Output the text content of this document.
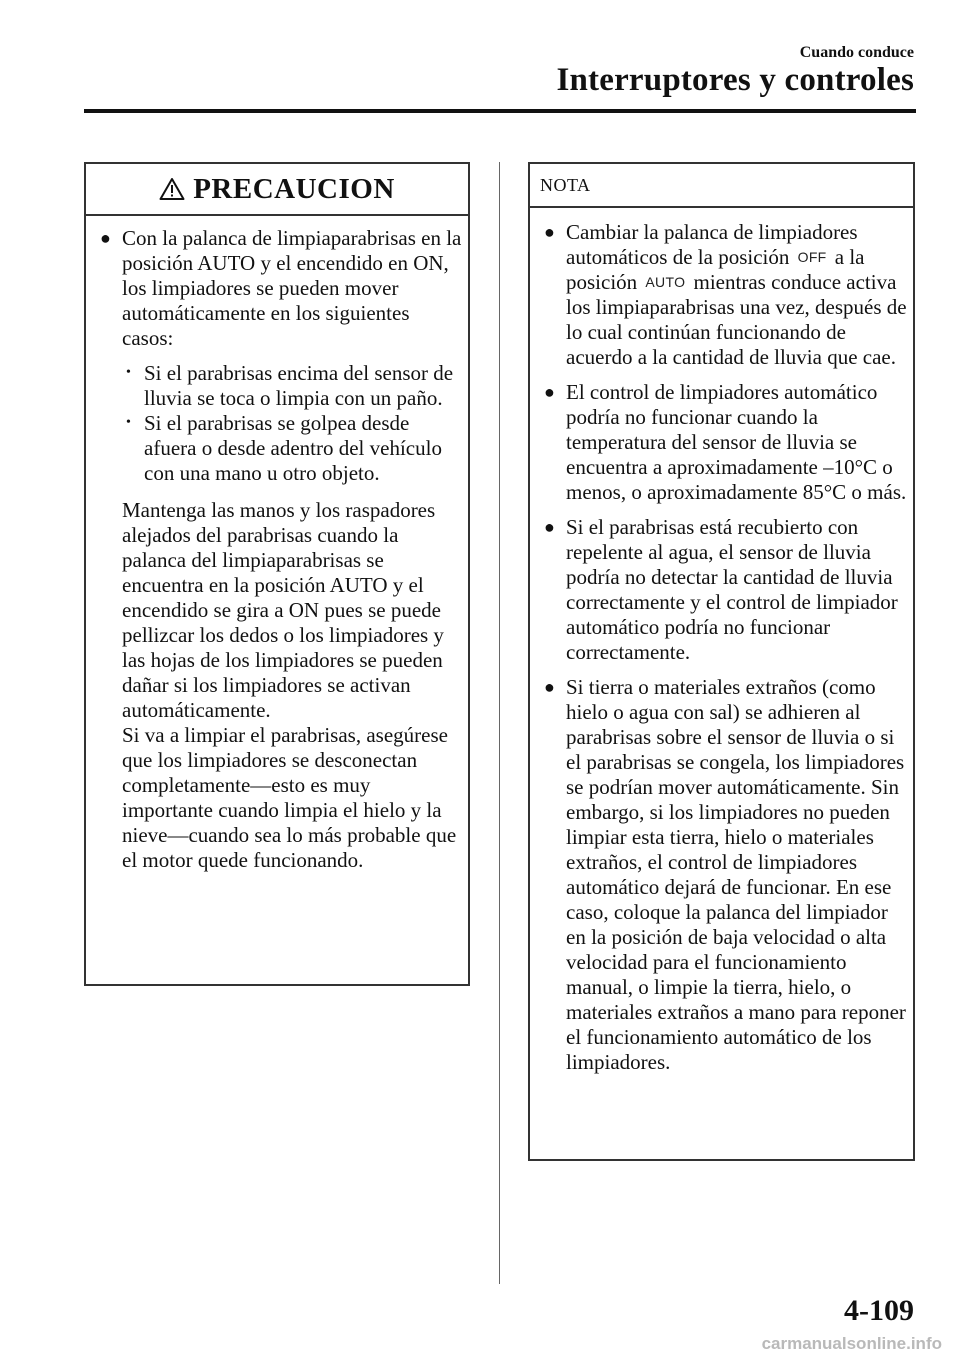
Cuando conduce
Interruptores y controles
PRECAUCION
● Con la palanca de limpiaparabrisas en la posición AUTO y el encendido en ON, los limpiadores se pueden mover automáticamente en los siguientes casos:
• Si el parabrisas encima del sensor de lluvia se toca o limpia con un paño.
• Si el parabrisas se golpea desde afuera o desde adentro del vehículo con una mano u otro objeto.
Mantenga las manos y los raspadores alejados del parabrisas cuando la palanca del limpiaparabrisas se encuentra en la posición AUTO y el encendido se gira a ON pues se puede pellizcar los dedos o los limpiadores y las hojas de los limpiadores se pueden dañar si los limpiadores se activan automáticamente.
Si va a limpiar el parabrisas, asegúrese que los limpiadores se desconectan completamente―esto es muy importante cuando limpia el hielo y la nieve―cuando sea lo más probable que el motor quede funcionando.
NOTA
● Cambiar la palanca de limpiadores automáticos de la posición OFF a la posición AUTO mientras conduce activa los limpiaparabrisas una vez, después de lo cual continúan funcionando de acuerdo a la cantidad de lluvia que cae.
● El control de limpiadores automático podría no funcionar cuando la temperatura del sensor de lluvia se encuentra a aproximadamente –10°C o menos, o aproximadamente 85°C o más.
● Si el parabrisas está recubierto con repelente al agua, el sensor de lluvia podría no detectar la cantidad de lluvia correctamente y el control de limpiador automático podría no funcionar correctamente.
● Si tierra o materiales extraños (como hielo o agua con sal) se adhieren al parabrisas sobre el sensor de lluvia o si el parabrisas se congela, los limpiadores se podrían mover automáticamente. Sin embargo, si los limpiadores no pueden limpiar esta tierra, hielo o materiales extraños, el control de limpiadores automático dejará de funcionar. En ese caso, coloque la palanca del limpiador en la posición de baja velocidad o alta velocidad para el funcionamiento manual, o limpie la tierra, hielo, o materiales extraños a mano para reponer el funcionamiento automático de los limpiadores.
4-109
carmanualsonline.info
